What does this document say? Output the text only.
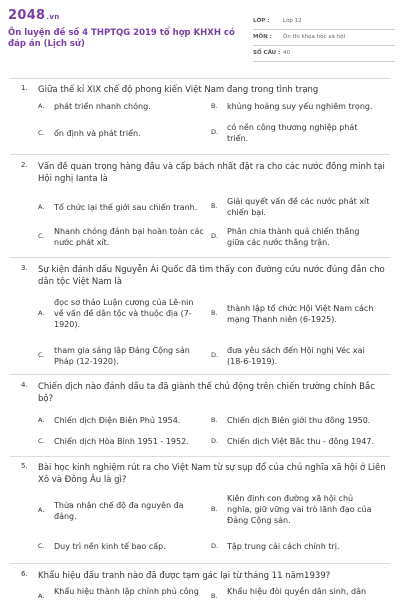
2048.vn
Ôn luyện đề số 4 THPTQG 2019 tổ hợp KHXH có đáp án (Lịch sử)
LỚP : Lớp 12
MÔN : Ôn thi khoa học xã hội
SỐ CÂU : 40
1. Giữa thế kỉ XIX chế độ phong kiến Việt Nam đang trong tình trạng
A. phát triển nhanh chóng.	B. khủng hoảng suy yếu nghiêm trọng.
C. ổn định và phát triển.	D. có nền công thương nghiệp phát triển.
2. Vấn đề quan trọng hàng đầu và cấp bách nhất đặt ra cho các nước đồng minh tại Hội nghị Ianta là
A. Tổ chức lại thế giới sau chiến tranh.	B. Giải quyết vấn đề các nước phát xít chiến bại.
C. Nhanh chóng đánh bại hoàn toàn các nước phát xít.
D. Phân chia thành quả chiến thắng giữa các nước thắng trận.
3. Sự kiện đánh dấu Nguyễn Ái Quốc đã tìm thấy con đường cứu nước đúng đắn cho dân tộc Việt Nam là
A.
đọc sơ thảo Luận cương của Lê-nin về vấn đề dân tộc và thuộc địa (7-1920).
B. thành lập tổ chức Hội Việt Nam cách mạng Thanh niên (6-1925).
C. tham gia sáng lập Đảng Cộng sản Pháp (12-1920).
D. đưa yêu sách đến Hội nghị Véc xai (18-6-1919).
4. Chiến dịch nào đánh dấu ta đã giành thế chủ động trên chiến trường chính Bắc bộ?
A. Chiến dịch Điện Biên Phủ 1954.	B. Chiến dịch Biên giới thu đông 1950.
C. Chiến dịch Hòa Bình 1951 - 1952.	D. Chiến dịch Việt Bắc thu - đông 1947.
5. Bài học kinh nghiệm rút ra cho Việt Nam từ sự sụp đổ của chủ nghĩa xã hội ở Liên Xô và Đông Âu là gì?
A. Thừa nhận chế độ đa nguyên đa đảng.
B.
Kiên định con đường xã hội chủ nghĩa, giữ vững vai trò lãnh đạo của Đảng Cộng sản.
C. Duy trì nền kinh tế bao cấp.	D. Tập trung cải cách chính trị.
6. Khẩu hiệu đấu tranh nào đã được tạm gác lại từ tháng 11 năm1939?
A. Khẩu hiệu thành lập chính phủ công	B. Khẩu hiệu đòi quyền dân sinh, dân
